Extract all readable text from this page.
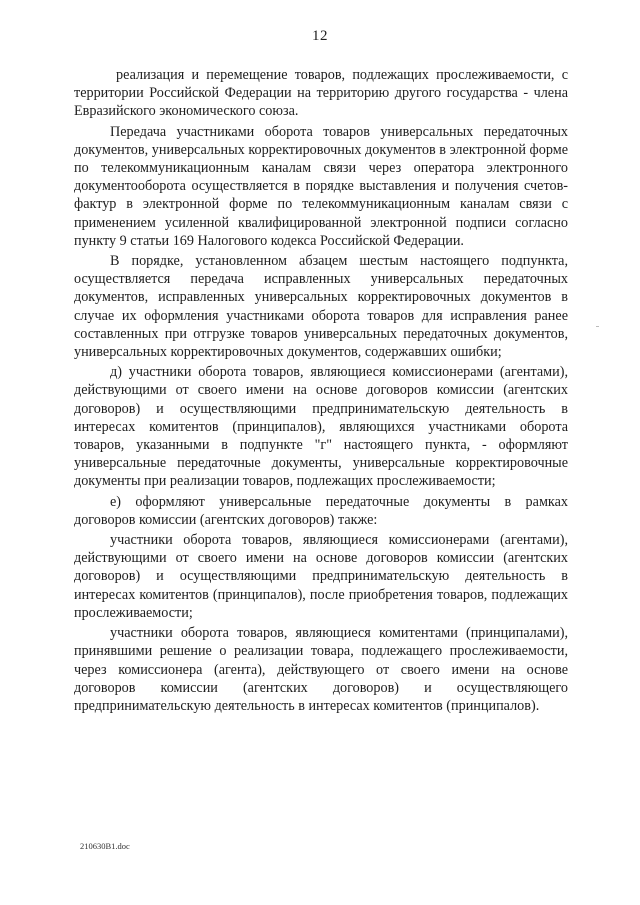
12

реализация и перемещение товаров, подлежащих прослеживаемости, с территории Российской Федерации на территорию другого государства - члена Евразийского экономического союза.

Передача участниками оборота товаров универсальных передаточных документов, универсальных корректировочных документов в электронной форме по телекоммуникационным каналам связи через оператора электронного документооборота осуществляется в порядке выставления и получения счетов-фактур в электронной форме по телекоммуникационным каналам связи с применением усиленной квалифицированной электронной подписи согласно пункту 9 статьи 169 Налогового кодекса Российской Федерации.

В порядке, установленном абзацем шестым настоящего подпункта, осуществляется передача исправленных универсальных передаточных документов, исправленных универсальных корректировочных документов в случае их оформления участниками оборота товаров для исправления ранее составленных при отгрузке товаров универсальных передаточных документов, универсальных корректировочных документов, содержавших ошибки;

д) участники оборота товаров, являющиеся комиссионерами (агентами), действующими от своего имени на основе договоров комиссии (агентских договоров) и осуществляющими предпринимательскую деятельность в интересах комитентов (принципалов), являющихся участниками оборота товаров, указанными в подпункте "г" настоящего пункта, - оформляют универсальные передаточные документы, универсальные корректировочные документы при реализации товаров, подлежащих прослеживаемости;

е) оформляют универсальные передаточные документы в рамках договоров комиссии (агентских договоров) также:

участники оборота товаров, являющиеся комиссионерами (агентами), действующими от своего имени на основе договоров комиссии (агентских договоров) и осуществляющими предпринимательскую деятельность в интересах комитентов (принципалов), после приобретения товаров, подлежащих прослеживаемости;

участники оборота товаров, являющиеся комитентами (принципалами), принявшими решение о реализации товара, подлежащего прослеживаемости, через комиссионера (агента), действующего от своего имени на основе договоров комиссии (агентских договоров) и осуществляющего предпринимательскую деятельность в интересах комитентов (принципалов).

210630B1.doc
